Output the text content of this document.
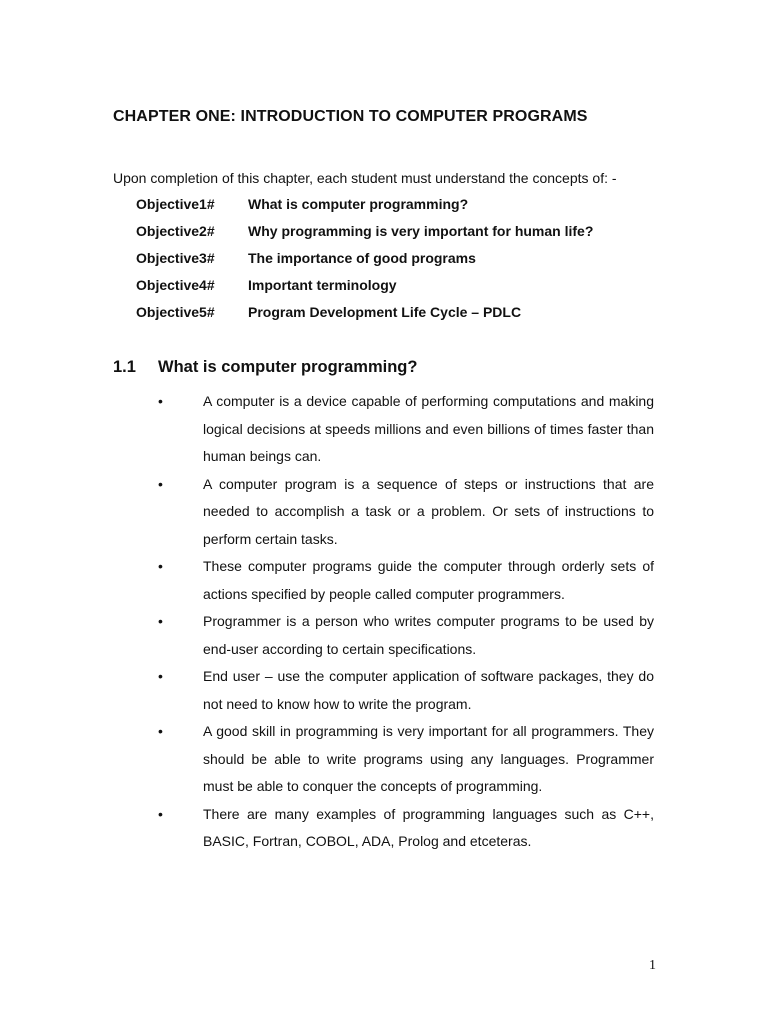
CHAPTER ONE: INTRODUCTION TO COMPUTER PROGRAMS

Upon completion of this chapter, each student must understand the concepts of: -

Objective1#	What is computer programming?
Objective2#	Why programming is very important for human life?
Objective3#	The importance of good programs
Objective4#	Important terminology
Objective5#	Program Development Life Cycle – PDLC
1.1	What is computer programming?
•	A computer is a device capable of performing computations and making logical decisions at speeds millions and even billions of times faster than human beings can.
•	A computer program is a sequence of steps or instructions that are needed to accomplish a task or a problem. Or sets of instructions to perform certain tasks.
•	These computer programs guide the computer through orderly sets of actions specified by people called computer programmers.
•	Programmer is a person who writes computer programs to be used by end-user according to certain specifications.
•	End user – use the computer application of software packages, they do not need to know how to write the program.
•	A good skill in programming is very important for all programmers. They should be able to write programs using any languages. Programmer must be able to conquer the concepts of programming.
•	There are many examples of programming languages such as C++, BASIC, Fortran, COBOL, ADA, Prolog and etceteras.
1
